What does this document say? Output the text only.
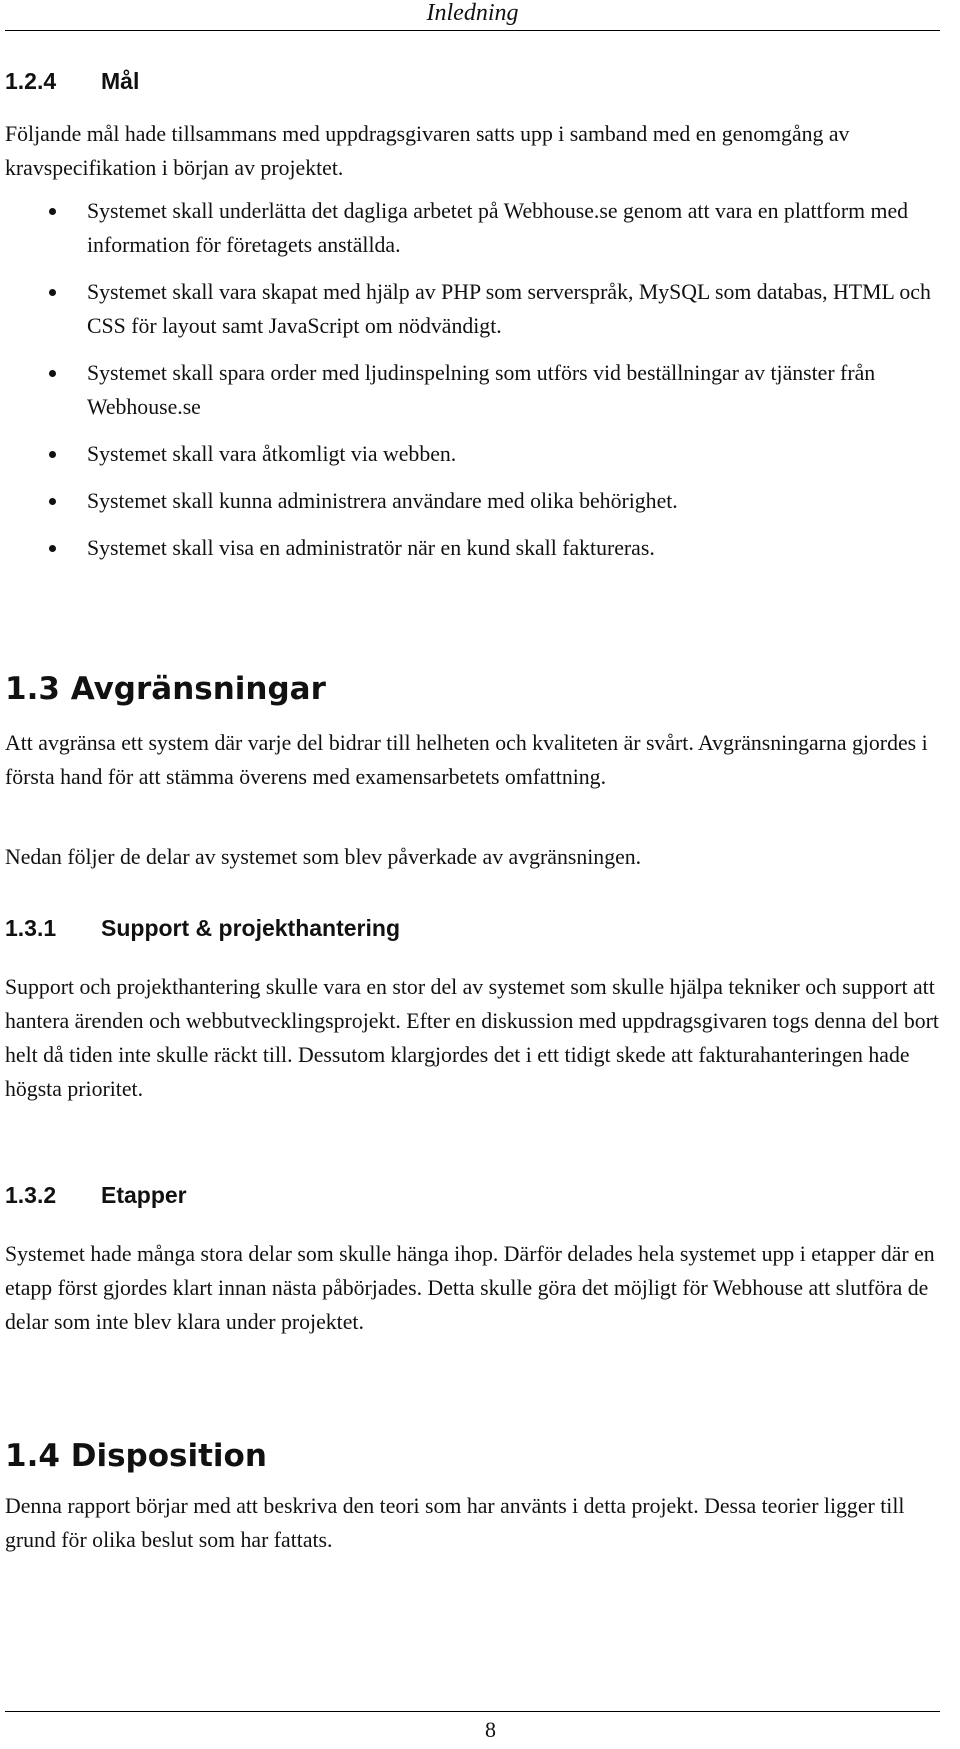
Inledning
1.2.4 Mål

Följande mål hade tillsammans med uppdragsgivaren satts upp i samband med en genomgång av kravspecifikation i början av projektet.

Systemet skall underlätta det dagliga arbetet på Webhouse.se genom att vara en plattform med information för företagets anställda.
Systemet skall vara skapat med hjälp av PHP som serverspråk, MySQL som databas, HTML och CSS för layout samt JavaScript om nödvändigt.
Systemet skall spara order med ljudinspelning som utförs vid beställningar av tjänster från Webhouse.se
Systemet skall vara åtkomligt via webben.
Systemet skall kunna administrera användare med olika behörighet.
Systemet skall visa en administratör när en kund skall faktureras.
1.3 Avgränsningar

Att avgränsa ett system där varje del bidrar till helheten och kvaliteten är svårt. Avgränsningarna gjordes i första hand för att stämma överens med examensarbetets omfattning.

Nedan följer de delar av systemet som blev påverkade av avgränsningen.

1.3.1 Support & projekthantering

Support och projekthantering skulle vara en stor del av systemet som skulle hjälpa tekniker och support att hantera ärenden och webbutvecklingsprojekt. Efter en diskussion med uppdragsgivaren togs denna del bort helt då tiden inte skulle räckt till. Dessutom klargjordes det i ett tidigt skede att fakturahanteringen hade högsta prioritet.

1.3.2 Etapper

Systemet hade många stora delar som skulle hänga ihop. Därför delades hela systemet upp i etapper där en etapp först gjordes klart innan nästa påbörjades. Detta skulle göra det möjligt för Webhouse att slutföra de delar som inte blev klara under projektet.

1.4 Disposition

Denna rapport börjar med att beskriva den teori som har använts i detta projekt. Dessa teorier ligger till grund för olika beslut som har fattats.

8
